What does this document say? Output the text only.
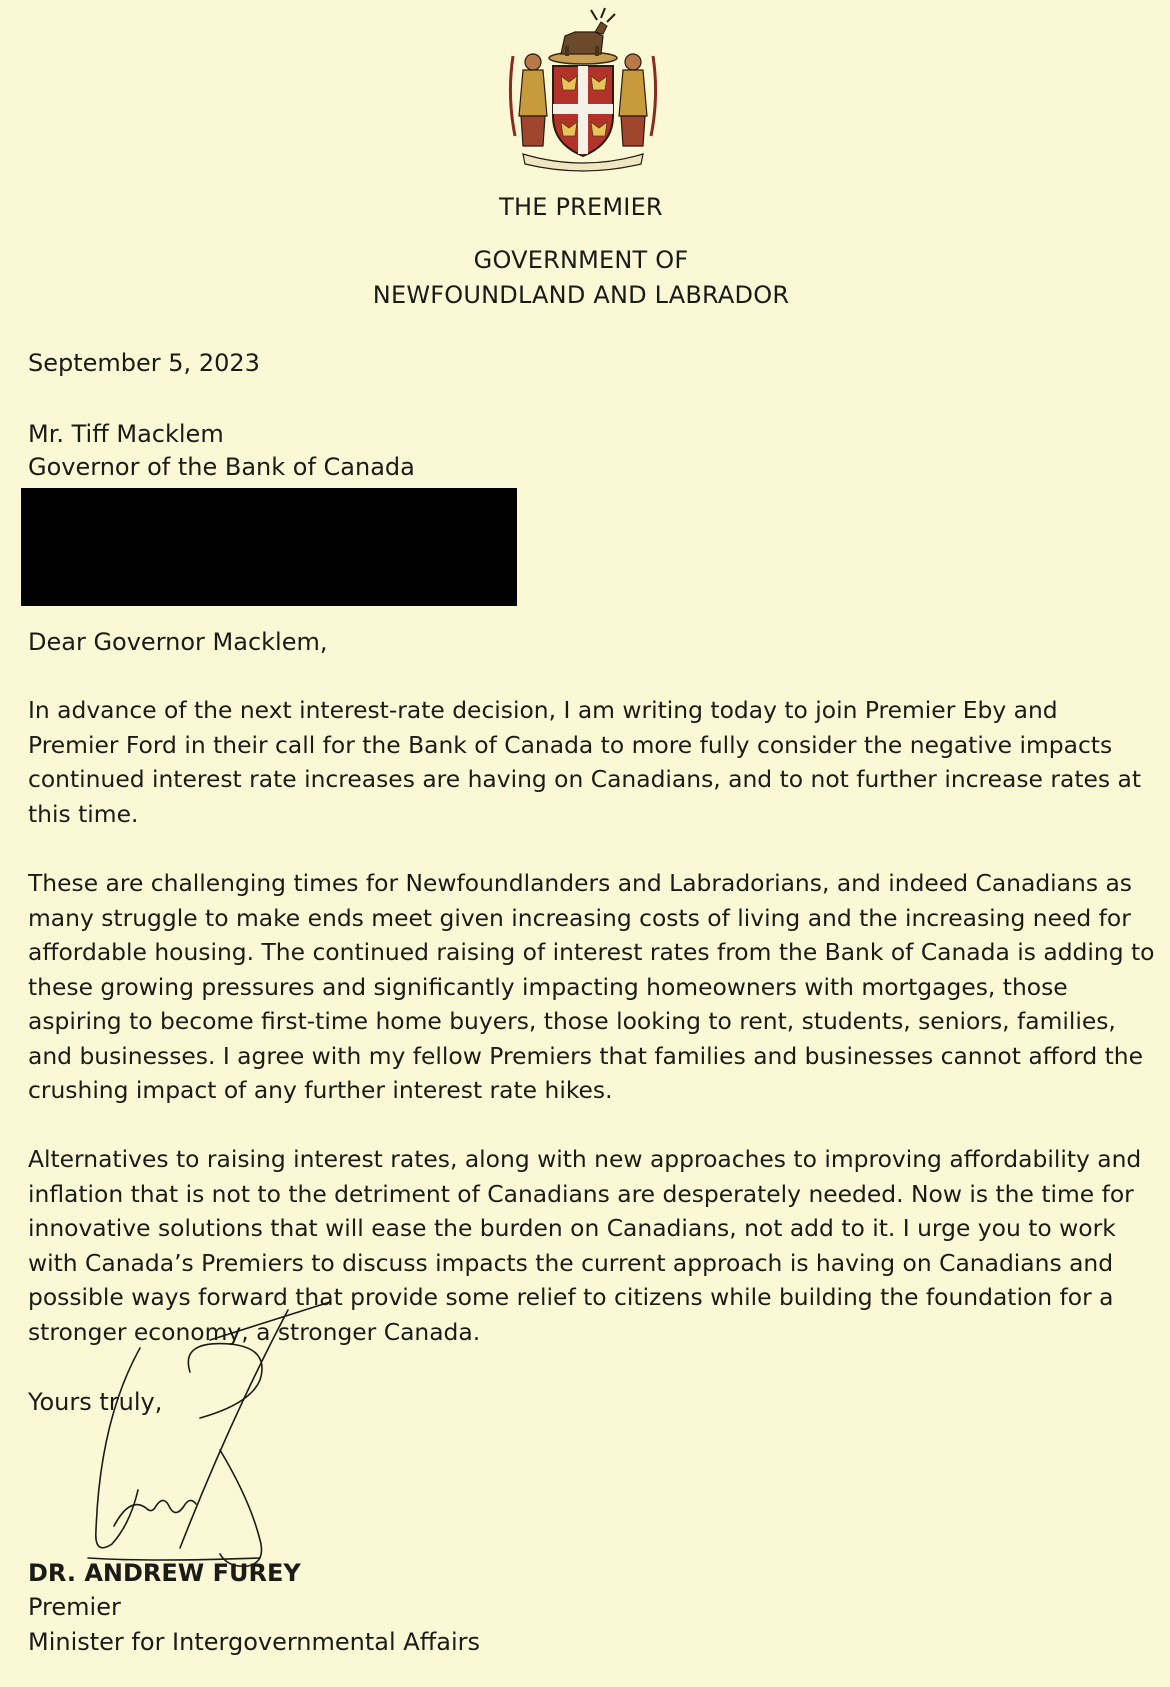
THE PREMIER
GOVERNMENT OF
NEWFOUNDLAND AND LABRADOR
September 5, 2023
Mr. Tiff Macklem
Governor of the Bank of Canada
Dear Governor Macklem,
In advance of the next interest-rate decision, I am writing today to join Premier Eby and
Premier Ford in their call for the Bank of Canada to more fully consider the negative impacts
continued interest rate increases are having on Canadians, and to not further increase rates at
this time.
These are challenging times for Newfoundlanders and Labradorians, and indeed Canadians as
many struggle to make ends meet given increasing costs of living and the increasing need for
affordable housing. The continued raising of interest rates from the Bank of Canada is adding to
these growing pressures and significantly impacting homeowners with mortgages, those
aspiring to become first-time home buyers, those looking to rent, students, seniors, families,
and businesses. I agree with my fellow Premiers that families and businesses cannot afford the
crushing impact of any further interest rate hikes.
Alternatives to raising interest rates, along with new approaches to improving affordability and
inflation that is not to the detriment of Canadians are desperately needed. Now is the time for
innovative solutions that will ease the burden on Canadians, not add to it. I urge you to work
with Canada’s Premiers to discuss impacts the current approach is having on Canadians and
possible ways forward that provide some relief to citizens while building the foundation for a
stronger economy, a stronger Canada.
Yours truly,
DR. ANDREW FUREY
Premier
Minister for Intergovernmental Affairs
